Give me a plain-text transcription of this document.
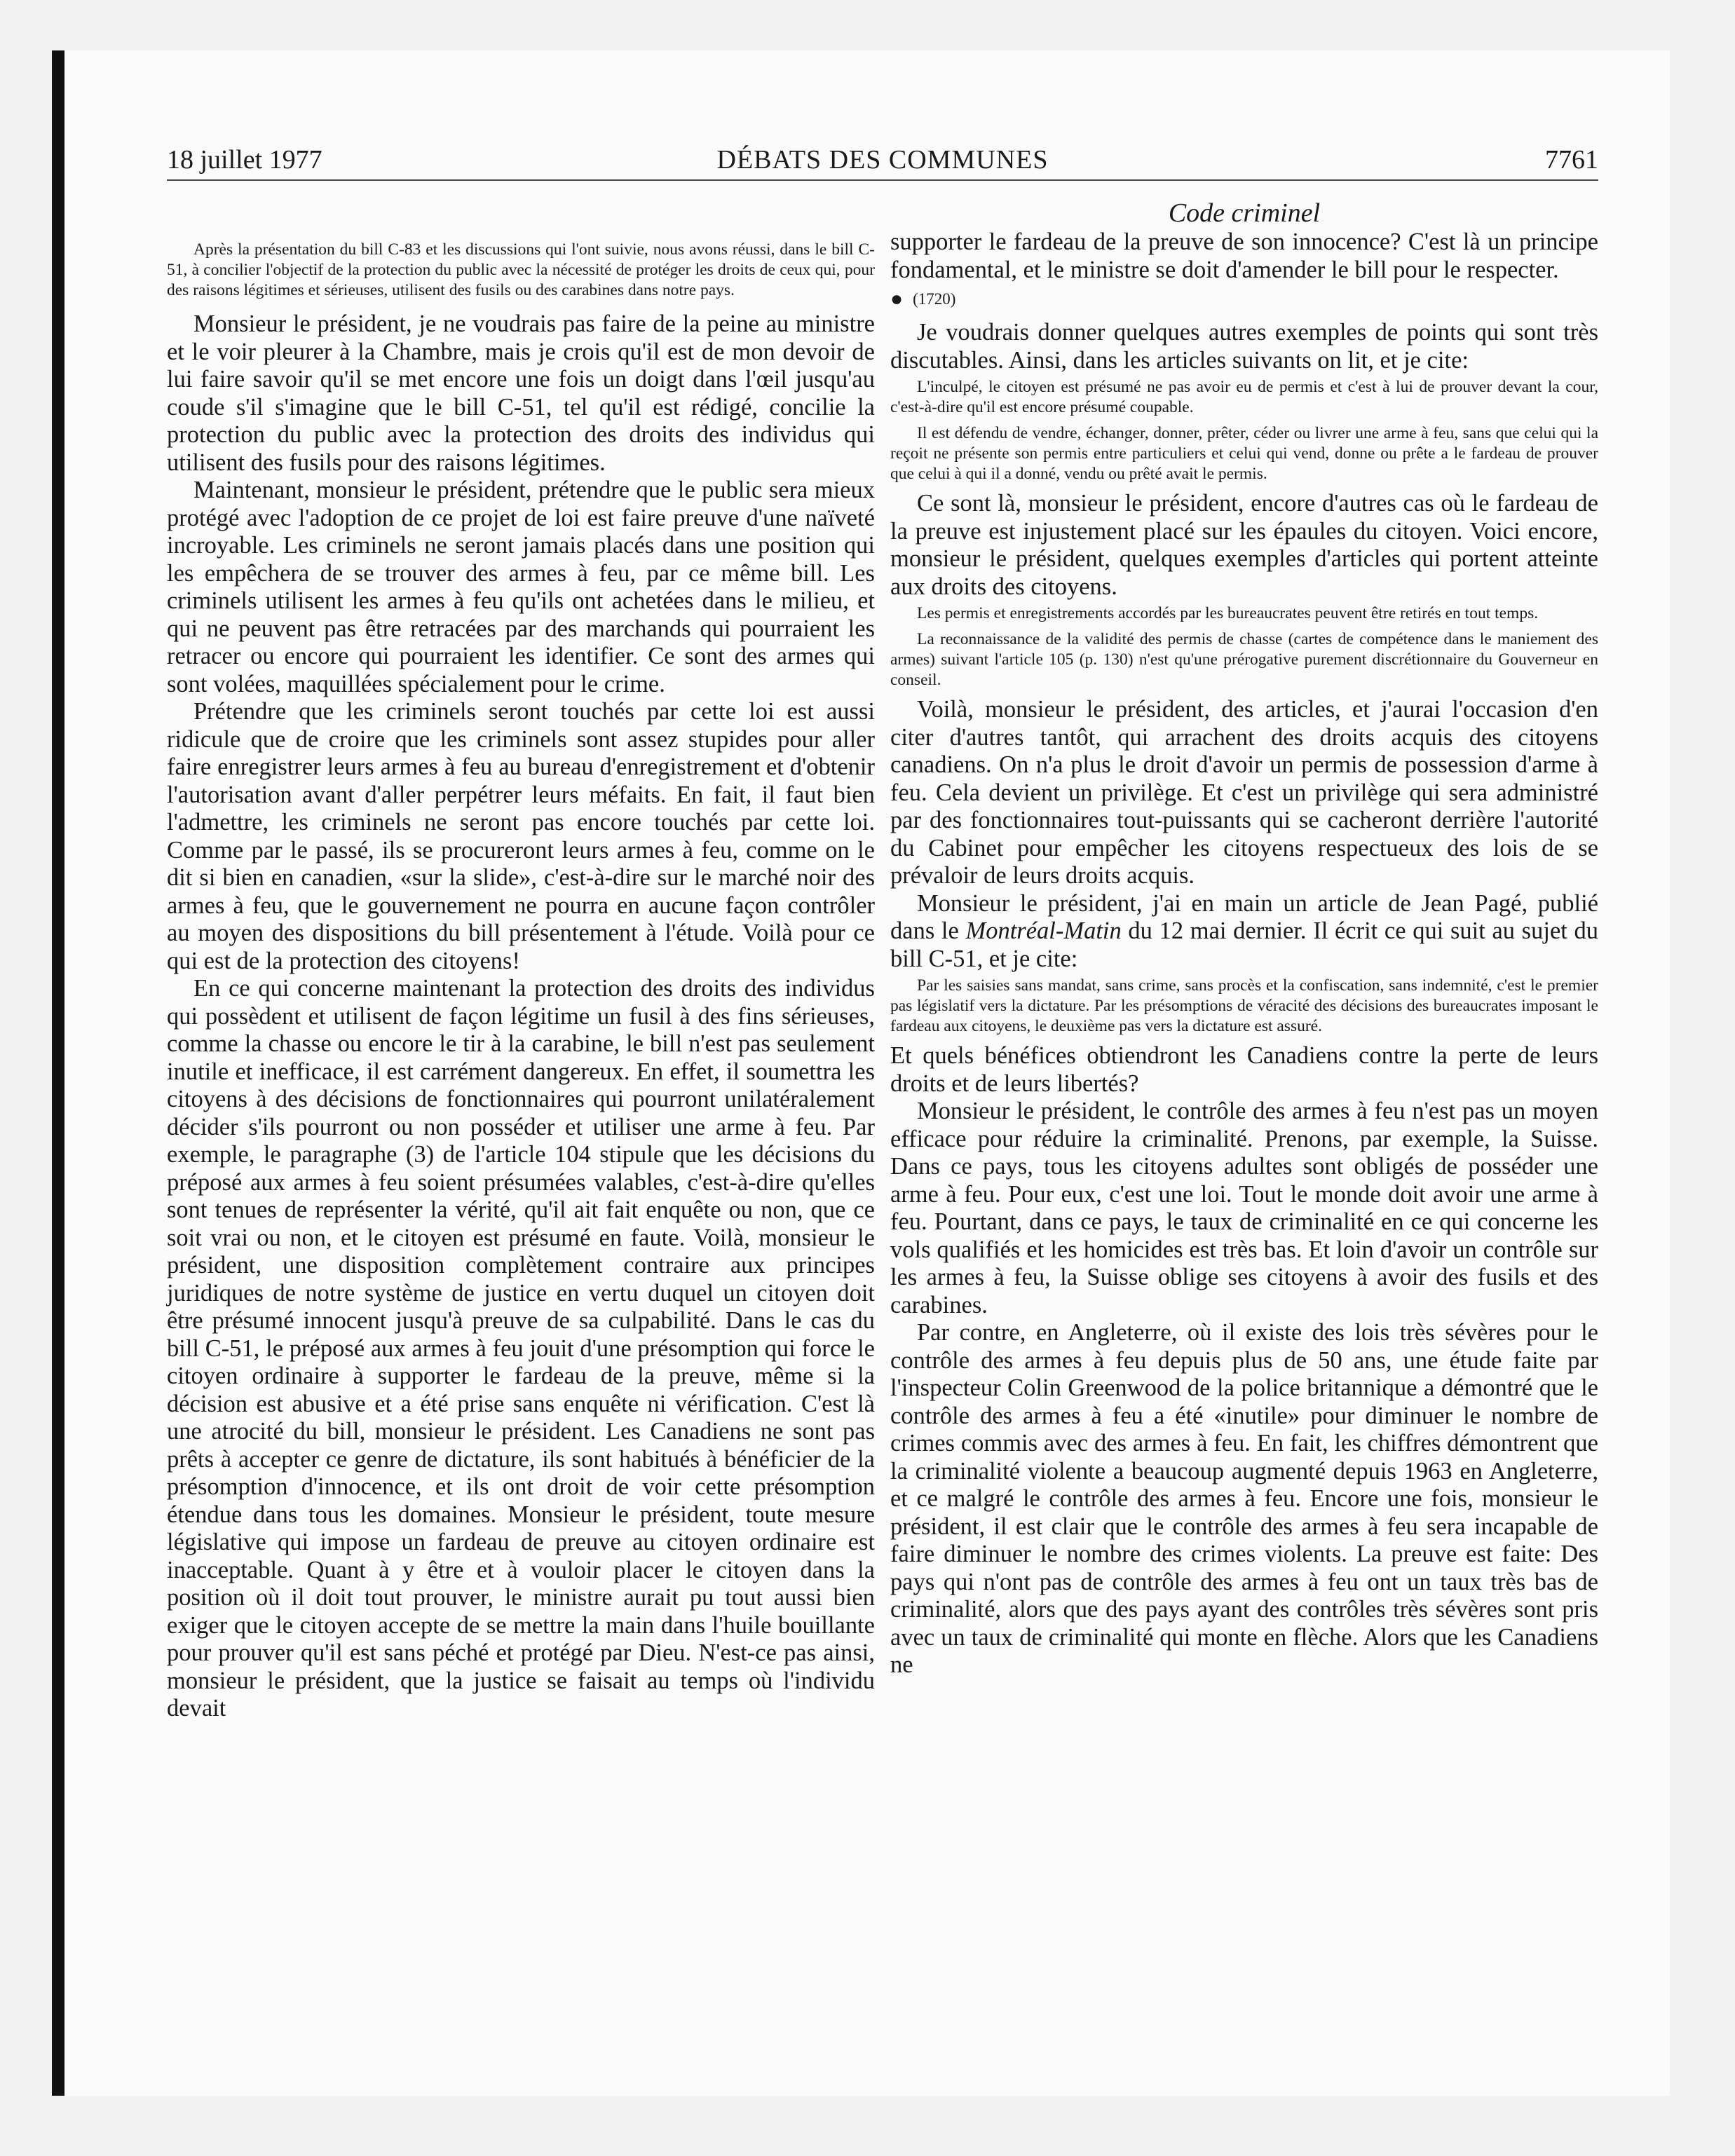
18 juillet 1977	DÉBATS DES COMMUNES	7761

Après la présentation du bill C-83 et les discussions qui l'ont suivie, nous avons réussi, dans le bill C-51, à concilier l'objectif de la protection du public avec la nécessité de protéger les droits de ceux qui, pour des raisons légitimes et sérieuses, utilisent des fusils ou des carabines dans notre pays.

Monsieur le président, je ne voudrais pas faire de la peine au ministre et le voir pleurer à la Chambre, mais je crois qu'il est de mon devoir de lui faire savoir qu'il se met encore une fois un doigt dans l'œil jusqu'au coude s'il s'imagine que le bill C-51, tel qu'il est rédigé, concilie la protection du public avec la protection des droits des individus qui utilisent des fusils pour des raisons légitimes.

Maintenant, monsieur le président, prétendre que le public sera mieux protégé avec l'adoption de ce projet de loi est faire preuve d'une naïveté incroyable. Les criminels ne seront jamais placés dans une position qui les empêchera de se trouver des armes à feu, par ce même bill. Les criminels utilisent les armes à feu qu'ils ont achetées dans le milieu, et qui ne peuvent pas être retracées par des marchands qui pourraient les retracer ou encore qui pourraient les identifier. Ce sont des armes qui sont volées, maquillées spécialement pour le crime.

Prétendre que les criminels seront touchés par cette loi est aussi ridicule que de croire que les criminels sont assez stupides pour aller faire enregistrer leurs armes à feu au bureau d'enregistrement et d'obtenir l'autorisation avant d'aller perpétrer leurs méfaits. En fait, il faut bien l'admettre, les criminels ne seront pas encore touchés par cette loi. Comme par le passé, ils se procureront leurs armes à feu, comme on le dit si bien en canadien, «sur la slide», c'est-à-dire sur le marché noir des armes à feu, que le gouvernement ne pourra en aucune façon contrôler au moyen des dispositions du bill présentement à l'étude. Voilà pour ce qui est de la protection des citoyens!

En ce qui concerne maintenant la protection des droits des individus qui possèdent et utilisent de façon légitime un fusil à des fins sérieuses, comme la chasse ou encore le tir à la carabine, le bill n'est pas seulement inutile et inefficace, il est carrément dangereux. En effet, il soumettra les citoyens à des décisions de fonctionnaires qui pourront unilatéralement décider s'ils pourront ou non posséder et utiliser une arme à feu. Par exemple, le paragraphe (3) de l'article 104 stipule que les décisions du préposé aux armes à feu soient présumées valables, c'est-à-dire qu'elles sont tenues de représenter la vérité, qu'il ait fait enquête ou non, que ce soit vrai ou non, et le citoyen est présumé en faute. Voilà, monsieur le président, une disposition complètement contraire aux principes juridiques de notre système de justice en vertu duquel un citoyen doit être présumé innocent jusqu'à preuve de sa culpabilité. Dans le cas du bill C-51, le préposé aux armes à feu jouit d'une présomption qui force le citoyen ordinaire à supporter le fardeau de la preuve, même si la décision est abusive et a été prise sans enquête ni vérification. C'est là une atrocité du bill, monsieur le président. Les Canadiens ne sont pas prêts à accepter ce genre de dictature, ils sont habitués à bénéficier de la présomption d'innocence, et ils ont droit de voir cette présomption étendue dans tous les domaines. Monsieur le président, toute mesure législative qui impose un fardeau de preuve au citoyen ordinaire est inacceptable. Quant à y être et à vouloir placer le citoyen dans la position où il doit tout prouver, le ministre aurait pu tout aussi bien exiger que le citoyen accepte de se mettre la main dans l'huile bouillante pour prouver qu'il est sans péché et protégé par Dieu. N'est-ce pas ainsi, monsieur le président, que la justice se faisait au temps où l'individu devait

Code criminel

supporter le fardeau de la preuve de son innocence? C'est là un principe fondamental, et le ministre se doit d'amender le bill pour le respecter.

● (1720)

Je voudrais donner quelques autres exemples de points qui sont très discutables. Ainsi, dans les articles suivants on lit, et je cite:

L'inculpé, le citoyen est présumé ne pas avoir eu de permis et c'est à lui de prouver devant la cour, c'est-à-dire qu'il est encore présumé coupable.

Il est défendu de vendre, échanger, donner, prêter, céder ou livrer une arme à feu, sans que celui qui la reçoit ne présente son permis entre particuliers et celui qui vend, donne ou prête a le fardeau de prouver que celui à qui il a donné, vendu ou prêté avait le permis.

Ce sont là, monsieur le président, encore d'autres cas où le fardeau de la preuve est injustement placé sur les épaules du citoyen. Voici encore, monsieur le président, quelques exemples d'articles qui portent atteinte aux droits des citoyens.

Les permis et enregistrements accordés par les bureaucrates peuvent être retirés en tout temps.

La reconnaissance de la validité des permis de chasse (cartes de compétence dans le maniement des armes) suivant l'article 105 (p. 130) n'est qu'une prérogative purement discrétionnaire du Gouverneur en conseil.

Voilà, monsieur le président, des articles, et j'aurai l'occasion d'en citer d'autres tantôt, qui arrachent des droits acquis des citoyens canadiens. On n'a plus le droit d'avoir un permis de possession d'arme à feu. Cela devient un privilège. Et c'est un privilège qui sera administré par des fonctionnaires tout-puissants qui se cacheront derrière l'autorité du Cabinet pour empêcher les citoyens respectueux des lois de se prévaloir de leurs droits acquis.

Monsieur le président, j'ai en main un article de Jean Pagé, publié dans le Montréal-Matin du 12 mai dernier. Il écrit ce qui suit au sujet du bill C-51, et je cite:

Par les saisies sans mandat, sans crime, sans procès et la confiscation, sans indemnité, c'est le premier pas législatif vers la dictature. Par les présomptions de véracité des décisions des bureaucrates imposant le fardeau aux citoyens, le deuxième pas vers la dictature est assuré.

Et quels bénéfices obtiendront les Canadiens contre la perte de leurs droits et de leurs libertés?

Monsieur le président, le contrôle des armes à feu n'est pas un moyen efficace pour réduire la criminalité. Prenons, par exemple, la Suisse. Dans ce pays, tous les citoyens adultes sont obligés de posséder une arme à feu. Pour eux, c'est une loi. Tout le monde doit avoir une arme à feu. Pourtant, dans ce pays, le taux de criminalité en ce qui concerne les vols qualifiés et les homicides est très bas. Et loin d'avoir un contrôle sur les armes à feu, la Suisse oblige ses citoyens à avoir des fusils et des carabines.

Par contre, en Angleterre, où il existe des lois très sévères pour le contrôle des armes à feu depuis plus de 50 ans, une étude faite par l'inspecteur Colin Greenwood de la police britannique a démontré que le contrôle des armes à feu a été «inutile» pour diminuer le nombre de crimes commis avec des armes à feu. En fait, les chiffres démontrent que la criminalité violente a beaucoup augmenté depuis 1963 en Angleterre, et ce malgré le contrôle des armes à feu. Encore une fois, monsieur le président, il est clair que le contrôle des armes à feu sera incapable de faire diminuer le nombre des crimes violents. La preuve est faite: Des pays qui n'ont pas de contrôle des armes à feu ont un taux très bas de criminalité, alors que des pays ayant des contrôles très sévères sont pris avec un taux de criminalité qui monte en flèche. Alors que les Canadiens ne
